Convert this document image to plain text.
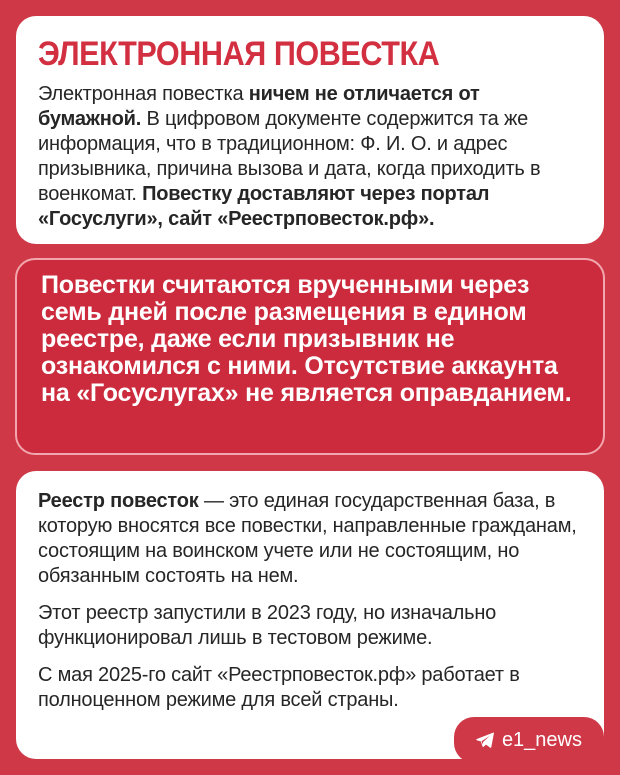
ЭЛЕКТРОННАЯ ПОВЕСТКА

Электронная повестка ничем не отличается от бумажной. В цифровом документе содержится та же информация, что в традиционном: Ф. И. О. и адрес призывника, причина вызова и дата, когда приходить в военкомат. Повестку доставляют через портал «Госуслуги», сайт «Реестрповесток.рф».

Повестки считаются врученными через семь дней после размещения в едином реестре, даже если призывник не ознакомился с ними. Отсутствие аккаунта на «Госуслугах» не является оправданием.

Реестр повесток — это единая государственная база, в которую вносятся все повестки, направленные гражданам, состоящим на воинском учете или не состоящим, но обязанным состоять на нем.

Этот реестр запустили в 2023 году, но изначально функционировал лишь в тестовом режиме.

С мая 2025-го сайт «Реестрповесток.рф» работает в полноценном режиме для всей страны.

e1_news
